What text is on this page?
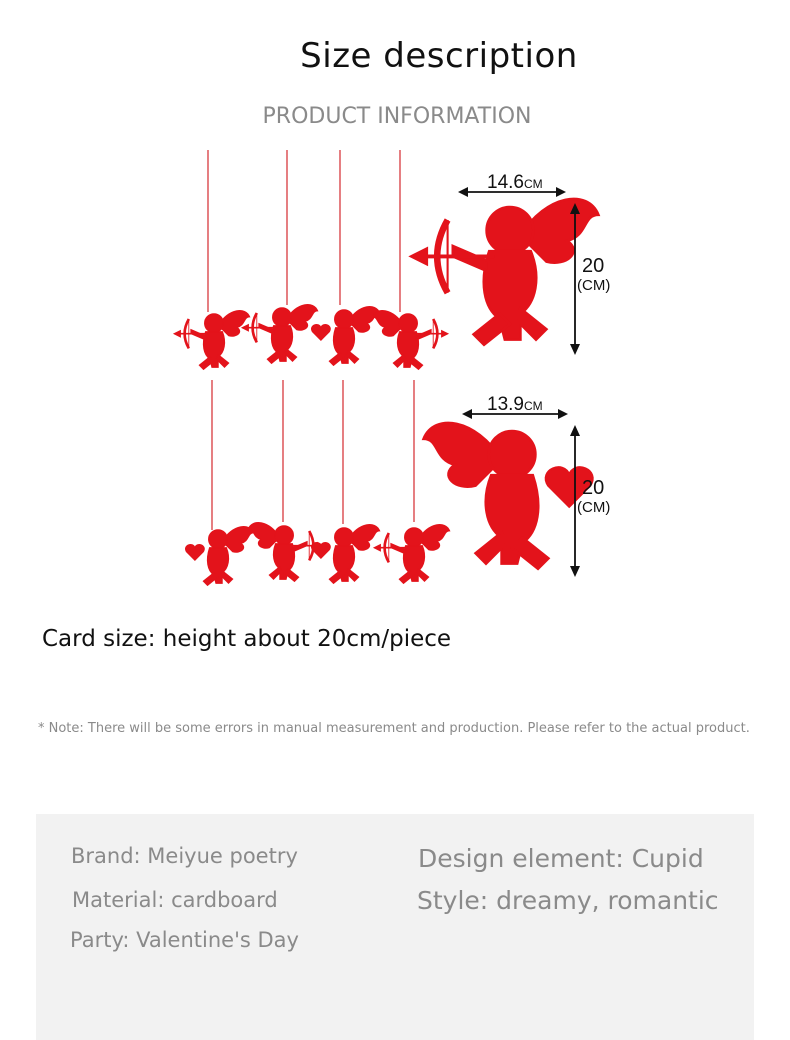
Size description
PRODUCT INFORMATION
14.6CM
20
(CM)
13.9CM
20
(CM)
Card size: height about 20cm/piece
* Note: There will be some errors in manual measurement and production. Please refer to the actual product.
Brand: Meiyue poetry
Material: cardboard
Party: Valentine's Day
Design element: Cupid
Style: dreamy, romantic
